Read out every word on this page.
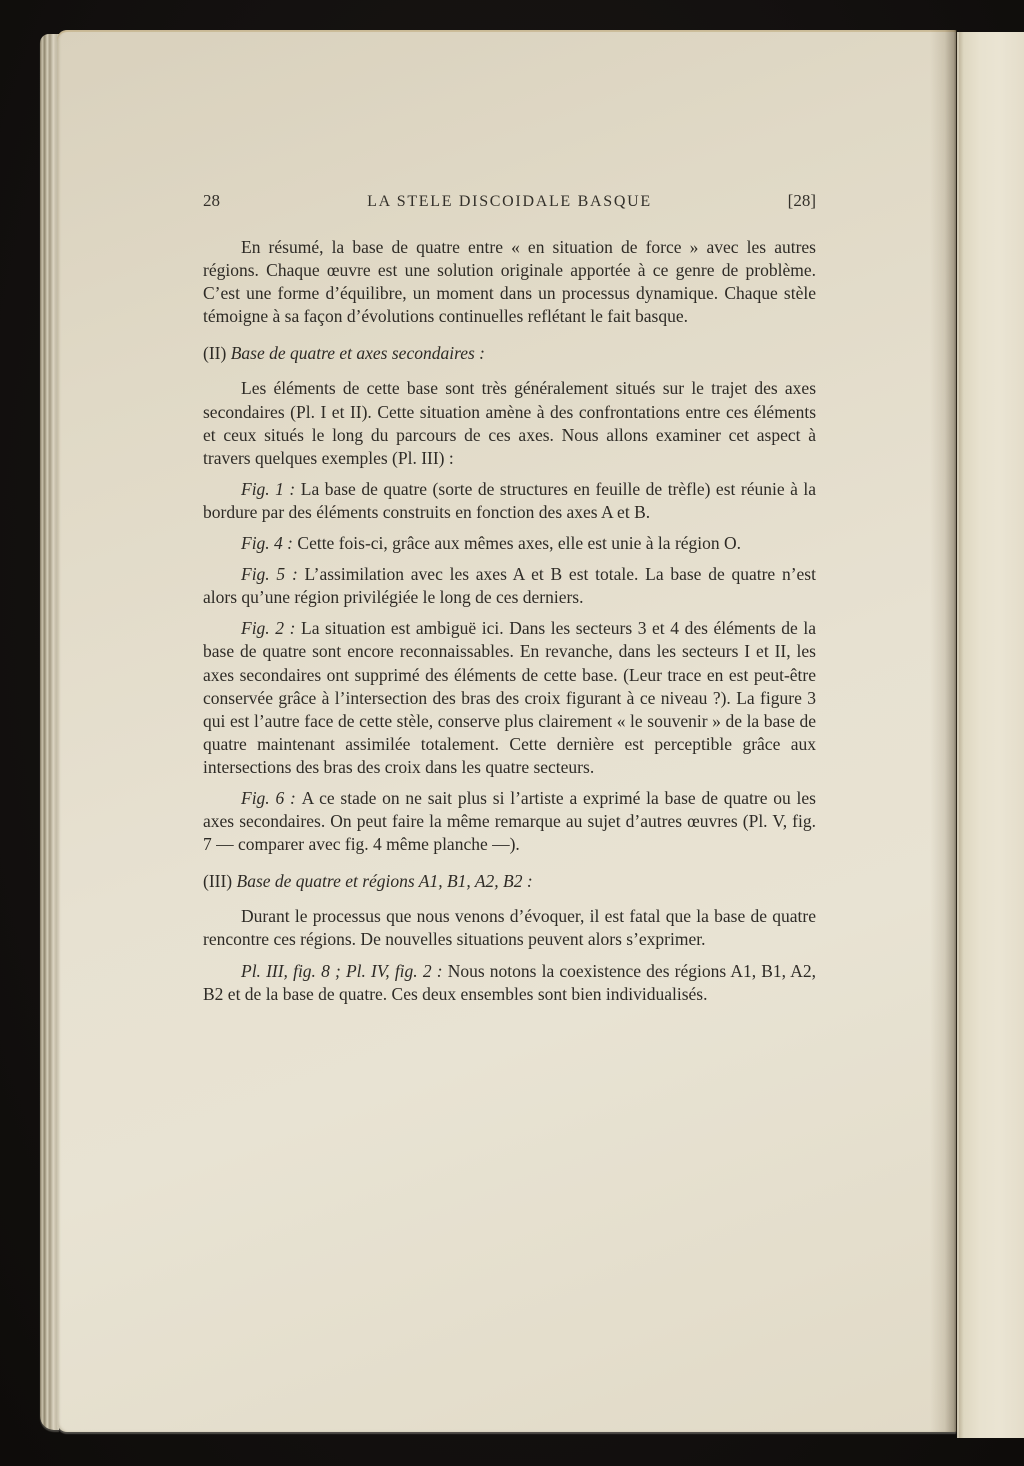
28	LA STELE DISCOIDALE BASQUE	[28]

En résumé, la base de quatre entre « en situation de force » avec les autres régions. Chaque œuvre est une solution originale apportée à ce genre de problème. C’est une forme d’équilibre, un moment dans un processus dynamique. Chaque stèle témoigne à sa façon d’évolutions continuelles reflétant le fait basque.

(II) Base de quatre et axes secondaires :

Les éléments de cette base sont très généralement situés sur le trajet des axes secondaires (Pl. I et II). Cette situation amène à des confrontations entre ces éléments et ceux situés le long du parcours de ces axes. Nous allons examiner cet aspect à travers quelques exemples (Pl. III) :

Fig. 1 : La base de quatre (sorte de structures en feuille de trèfle) est réunie à la bordure par des éléments construits en fonction des axes A et B.

Fig. 4 : Cette fois-ci, grâce aux mêmes axes, elle est unie à la région O.

Fig. 5 : L’assimilation avec les axes A et B est totale. La base de quatre n’est alors qu’une région privilégiée le long de ces derniers.

Fig. 2 : La situation est ambiguë ici. Dans les secteurs 3 et 4 des éléments de la base de quatre sont encore reconnaissables. En revanche, dans les secteurs I et II, les axes secondaires ont supprimé des éléments de cette base. (Leur trace en est peut-être conservée grâce à l’intersection des bras des croix figurant à ce niveau ?). La figure 3 qui est l’autre face de cette stèle, conserve plus clairement « le souvenir » de la base de quatre maintenant assimilée totalement. Cette dernière est perceptible grâce aux intersections des bras des croix dans les quatre secteurs.

Fig. 6 : A ce stade on ne sait plus si l’artiste a exprimé la base de quatre ou les axes secondaires. On peut faire la même remarque au sujet d’autres œuvres (Pl. V, fig. 7 — comparer avec fig. 4 même planche —).

(III) Base de quatre et régions A1, B1, A2, B2 :

Durant le processus que nous venons d’évoquer, il est fatal que la base de quatre rencontre ces régions. De nouvelles situations peuvent alors s’exprimer.

Pl. III, fig. 8 ; Pl. IV, fig. 2 : Nous notons la coexistence des régions A1, B1, A2, B2 et de la base de quatre. Ces deux ensembles sont bien individualisés.
